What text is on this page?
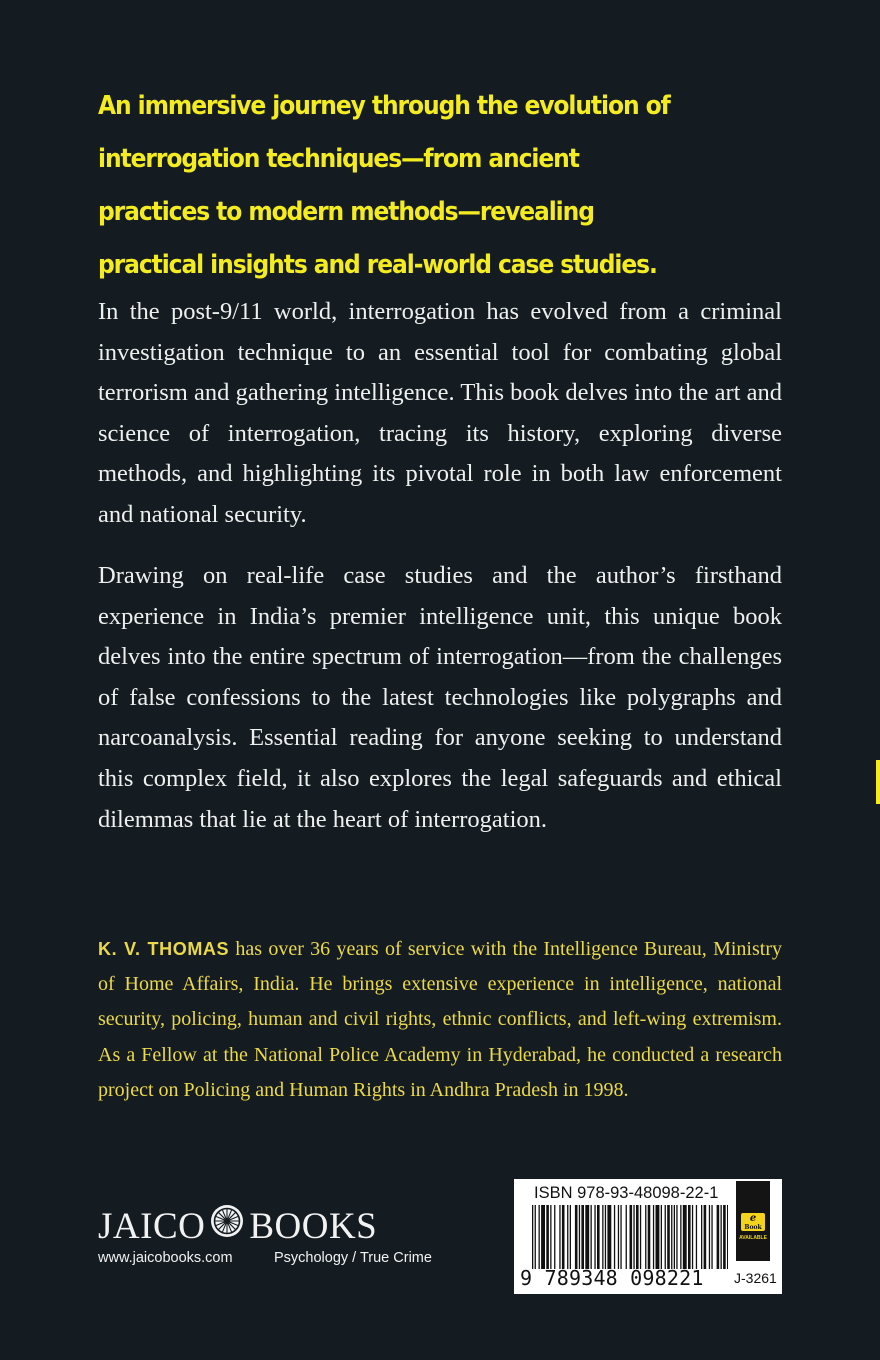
An immersive journey through the evolution of interrogation techniques—from ancient practices to modern methods—revealing practical insights and real-world case studies.
In the post-9/11 world, interrogation has evolved from a criminal investigation technique to an essential tool for combating global terrorism and gathering intelligence. This book delves into the art and science of interrogation, tracing its history, exploring diverse methods, and highlighting its pivotal role in both law enforcement and national security.
Drawing on real-life case studies and the author’s firsthand experience in India’s premier intelligence unit, this unique book delves into the entire spectrum of interrogation—from the challenges of false confessions to the latest technologies like polygraphs and narcoanalysis. Essential reading for anyone seeking to understand this complex field, it also explores the legal safeguards and ethical dilemmas that lie at the heart of interrogation.
K. V. THOMAS has over 36 years of service with the Intelligence Bureau, Ministry of Home Affairs, India. He brings extensive experience in intelligence, national security, policing, human and civil rights, ethnic conflicts, and left-wing extremism. As a Fellow at the National Police Academy in Hyderabad, he conducted a research project on Policing and Human Rights in Andhra Pradesh in 1998.
JAICO BOOKS
www.jaicobooks.com	Psychology / True Crime
ISBN 978-93-48098-22-1
9 789348 098221
e
Book
AVAILABLE
J-3261
